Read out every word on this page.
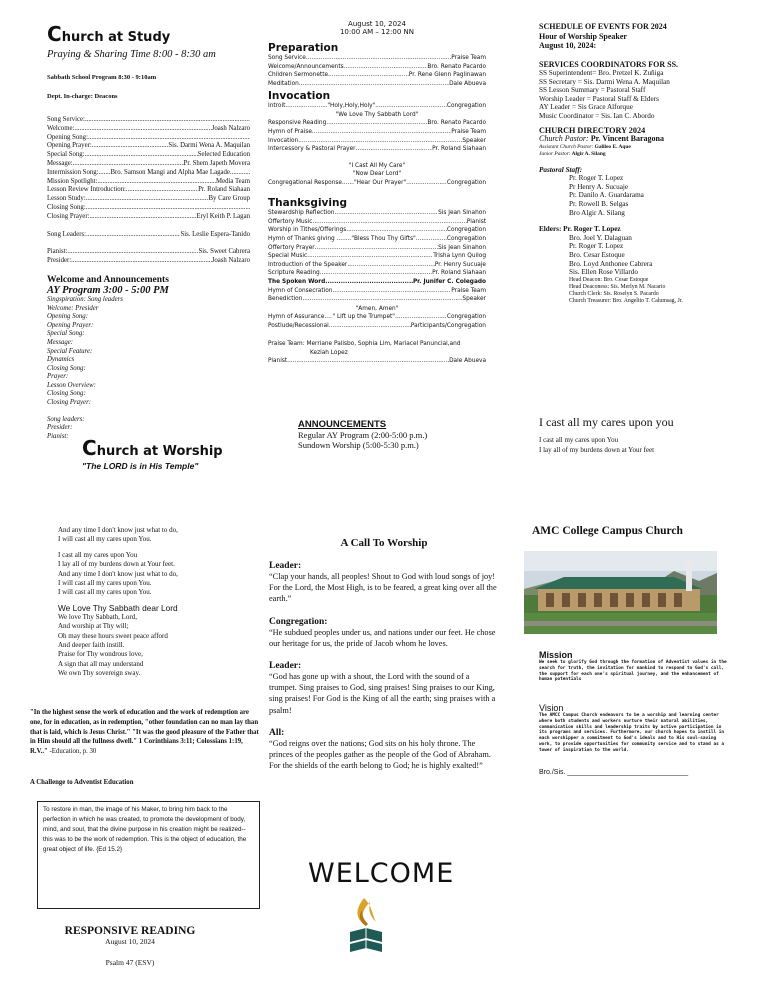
Church at Study
Praying & Sharing Time 8:00 - 8:30 am
Sabbath School Program 8:30 - 9:10am
Dept. In-charge: Deacons
Song Service:
.....
Welcome: .....	Joash Nalzaro
Opening Song:
.....
Opening Prayer: .....	Sis. Darmi Wena A. Maquilan
Special Song: .....	Selected Education
Message: .....	Pr. Shem Japeth Movera
Intermission Song:.......Bro. Samson Mangi and Alpha Mae Lagade
.....
Mission Spotlight: .....	Media Team
Lesson Review Introduction: .....	Pr. Roland Siahaan
Lesson Study: .....	By Care Group
Closing Song:
.....
Closing Prayer: .....	Eryl Keith P. Lagan
Song Leaders: .....	Sis. Leslie Espera-Tanido
Pianist: .....	Sis. Sweet Cabrera
Presider: .....	Joash Nalzaro
Welcome and Announcements
AY Program 3:00 - 5:00 PM
Singspiration: Song leaders
Welcome: Presider
Opening Song:
Opening Prayer:
Special Song:
Message:
Special Feature:
Dynamics
Closing Song:
Prayer:
Lesson Overview:
Closing Song:
Closing Prayer:
Song leaders:
Presider:
Pianist: Church at Worship
"The LORD is in His Temple"
August 10, 2024
10:00 AM – 12:00 NN
Preparation
Song Service .....	Praise Team
Welcome/Announcements .....	Bro. Renato Pacardo
Children Sermonette .....	Pr. Rene Glenn Paglinawan
Meditation .....	Dale Abueva
Invocation
Introit .....	"Holy,Holy,Holy" .....	Congregation
"We Love Thy Sabbath Lord"
Responsive Reading .....	Bro. Renato Pacardo
Hymn of Praise .....	Praise Team
Invocation .....	Speaker
Intercessory & Pastoral Prayer .....	Pr. Roland Siahaan
"I Cast All My Care"
"Now Dear Lord"
Congregational Response ..... "Hear Our Prayer" .....	Congregation
Thanksgiving
Stewardship Reflection .....	Sis Jean Sinahon
Offertory Music .....	Pianist
Worship in Tithes/Offerings .....	Congregation
Hymn of Thanks giving ........"Bless Thou Thy Gifts" .....	Congregation
Offertory Prayer .....	Sis Jean Sinahon
Special Music .....	Trisha Lynn Quilog
Introduction of the Speaker .....	Pr. Henry Sucuaje
Scripture Reading .....	Pr. Roland Siahaan
The Spoken Word .....	Pr. Junifer C. Colegado
Hymn of Consecration .....	Praise Team
Benediction .....	Speaker
"Amen, Amen"
Hymn of Assurance ..... " Lift up the Trumpet" .....	Congregation
Postlude/Recessional .....	Participants/Congregation
Praise Team: Merriane Palisbo, Sophia Lim, Mariacel Panuncial,and
Keziah Lopez
Pianist .....	Dale Abueva
ANNOUNCEMENTS
Regular AY Program (2:00-5:00 p.m.)
Sundown Worship (5:00-5:30 p.m.)
SCHEDULE OF EVENTS FOR 2024
Hour of Worship Speaker
August 10, 2024:
SERVICES COORDINATORS FOR SS.
SS Superintendent= Bro. Pretzel K. Zuñiga
SS Secretary = Sis. Darmi Wena A. Maquilan
SS Lesson Summary = Pastoral Staff
Worship Leader = Pastoral Staff & Elders
AY Leader = Sis Grace Alforque
Music Coordinator = Sis. Ian C. Abordo
CHURCH DIRECTORY 2024
Church Pastor: Pr. Vincent Baragona
Assistant Church Pastor: Galileo E. Aque
Junior Pastor: Algir A. Silang
Pastoral Staff:
Pr. Roger T. Lopez
Pr Henry A. Sucuaje
Pr. Danilo A. Guardarama
Pr. Rowell B. Selgas
Bro Algir A. Silang
Elders: Pr. Roger T. Lopez
Bro. Joel Y. Dalaguan
Pr. Roger T. Lopez
Bro. Cesar Estoque
Bro. Loyd Anthonee Cabrera
Sis. Ellen Rose Villardo
Head Deacon: Bro. Cesar Estoque
Head Deaconess: Sis. Merlyn M. Nacario
Church Clerk: Sis. Roselyn S. Pacardo
Church Treasurer: Bro. Angelito T. Calumsag, Jr.
I cast all my cares upon you
I cast all my cares upon You
I lay all of my burdens down at Your feet
And any time I don't know just what to do,
I will cast all my cares upon You.
I cast all my cares upon You
I lay all of my burdens down at Your feet.
And any time I don't know just what to do,
I will cast all my cares upon You.
I will cast all my cares upon You.
We Love Thy Sabbath dear Lord
We love Thy Sabbath, Lord,
And worship at Thy will;
Oh may these hours sweet peace afford
And deeper faith instill.
Praise for Thy wondrous love,
A sign that all may understand
We own Thy sovereign sway.
"In the highest sense the work of education and the work of redemption are one, for in education, as in redemption, "other foundation can no man lay than that is laid, which is Jesus Christ." "It was the good pleasure of the Father that in Him should all the fullness dwell." 1 Corinthians 3:11; Colossians 1:19, R.V.." -Education, p. 30
A Challenge to Adventist Education
To restore in man, the image of his Maker, to bring him back to the perfection in which he was created, to promote the development of body, mind, and soul, that the divine purpose in his creation might be realized--this was to be the work of redemption. This is the object of education, the great object of life. {Ed 15.2}
RESPONSIVE READING
August 10, 2024
Psalm 47 (ESV)
A Call To Worship
Leader:
“Clap your hands, all peoples! Shout to God with loud songs of joy! For the Lord, the Most High, is to be feared, a great king over all the earth.”
Congregation:
“He subdued peoples under us, and nations under our feet. He chose our heritage for us, the pride of Jacob whom he loves.
Leader:
“God has gone up with a shout, the Lord with the sound of a trumpet. Sing praises to God, sing praises! Sing praises to our King, sing praises! For God is the King of all the earth; sing praises with a psalm!
All:
“God reigns over the nations; God sits on his holy throne. The princes of the peoples gather as the people of the God of Abraham. For the shields of the earth belong to God; he is highly exalted!”
WELCOME
AMC College Campus Church
Mission
We seek to glorify God through the formation of Adventist values in the search for truth, the invitation for mankind to respond to God's call, the support for each one's spiritual journey, and the enhancement of human potentials
Vision
The AMCC Campus Church endeavors to be a worship and learning center where both students and workers nurture their natural abilities, communication skills and leadership traits by active participation in its programs and services. Furthermore, our church hopes to instill in each worshipper a commitment to God's ideals and to His soul-saving work, to provide opportunities for community service and to stand as a tower of inspiration to the world.
Bro./Sis. _______________________________
